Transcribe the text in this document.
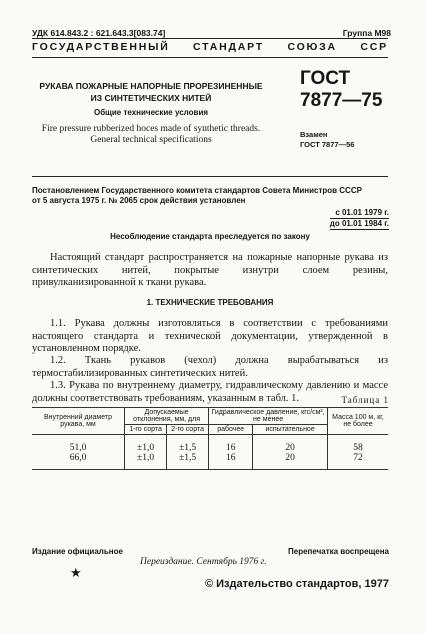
УДК 614.843.2 : 621.643.3[083.74]	Группа М98
ГОСУДАРСТВЕННЫЙ СТАНДАРТ СОЮЗА ССР
РУКАВА ПОЖАРНЫЕ НАПОРНЫЕ ПРОРЕЗИНЕННЫЕ
ИЗ СИНТЕТИЧЕСКИХ НИТЕЙ
Общие технические условия
Fire pressure rubberized hoces made of synthetic threads.
General technical specifications
ГОСТ
7877—75
Взамен
ГОСТ 7877—56
Постановлением Государственного комитета стандартов Совета Министров СССР
от 5 августа 1975 г. № 2065 срок действия установлен
с 01.01 1979 г.
до 01.01 1984 г.
Несоблюдение стандарта преследуется по закону
Настоящий стандарт распространяется на пожарные напорные рукава из синтетических нитей, покрытые изнутри слоем резины, привулканизированной к ткани рукава.
1. ТЕХНИЧЕСКИЕ ТРЕБОВАНИЯ
1.1. Рукава должны изготовляться в соответствии с требованиями настоящего стандарта и технической документации, утвержденной в установленном порядке.
1.2. Ткань рукавов (чехол) должна вырабатываться из термостабилизированных синтетических нитей.
1.3. Рукава по внутреннему диаметру, гидравлическому давлению и массе должны соответствовать требованиям, указанным в табл. 1.	Таблица 1
Внутренний диаметр рукава, мм	Допускаемые отклонения, мм, для		Гидравлическое давление, кгс/см², не менее		Масса 100 м, кг, не более
	1-го сорта	2-го сорта	рабочее	испытательное	
51,0	±1,0	±1,5	16	20	58
66,0	±1,0	±1,5	16	20	72
Издание официальное	Перепечатка воспрещена
Переиздание. Сентябрь 1976 г.
★
© Издательство стандартов, 1977
